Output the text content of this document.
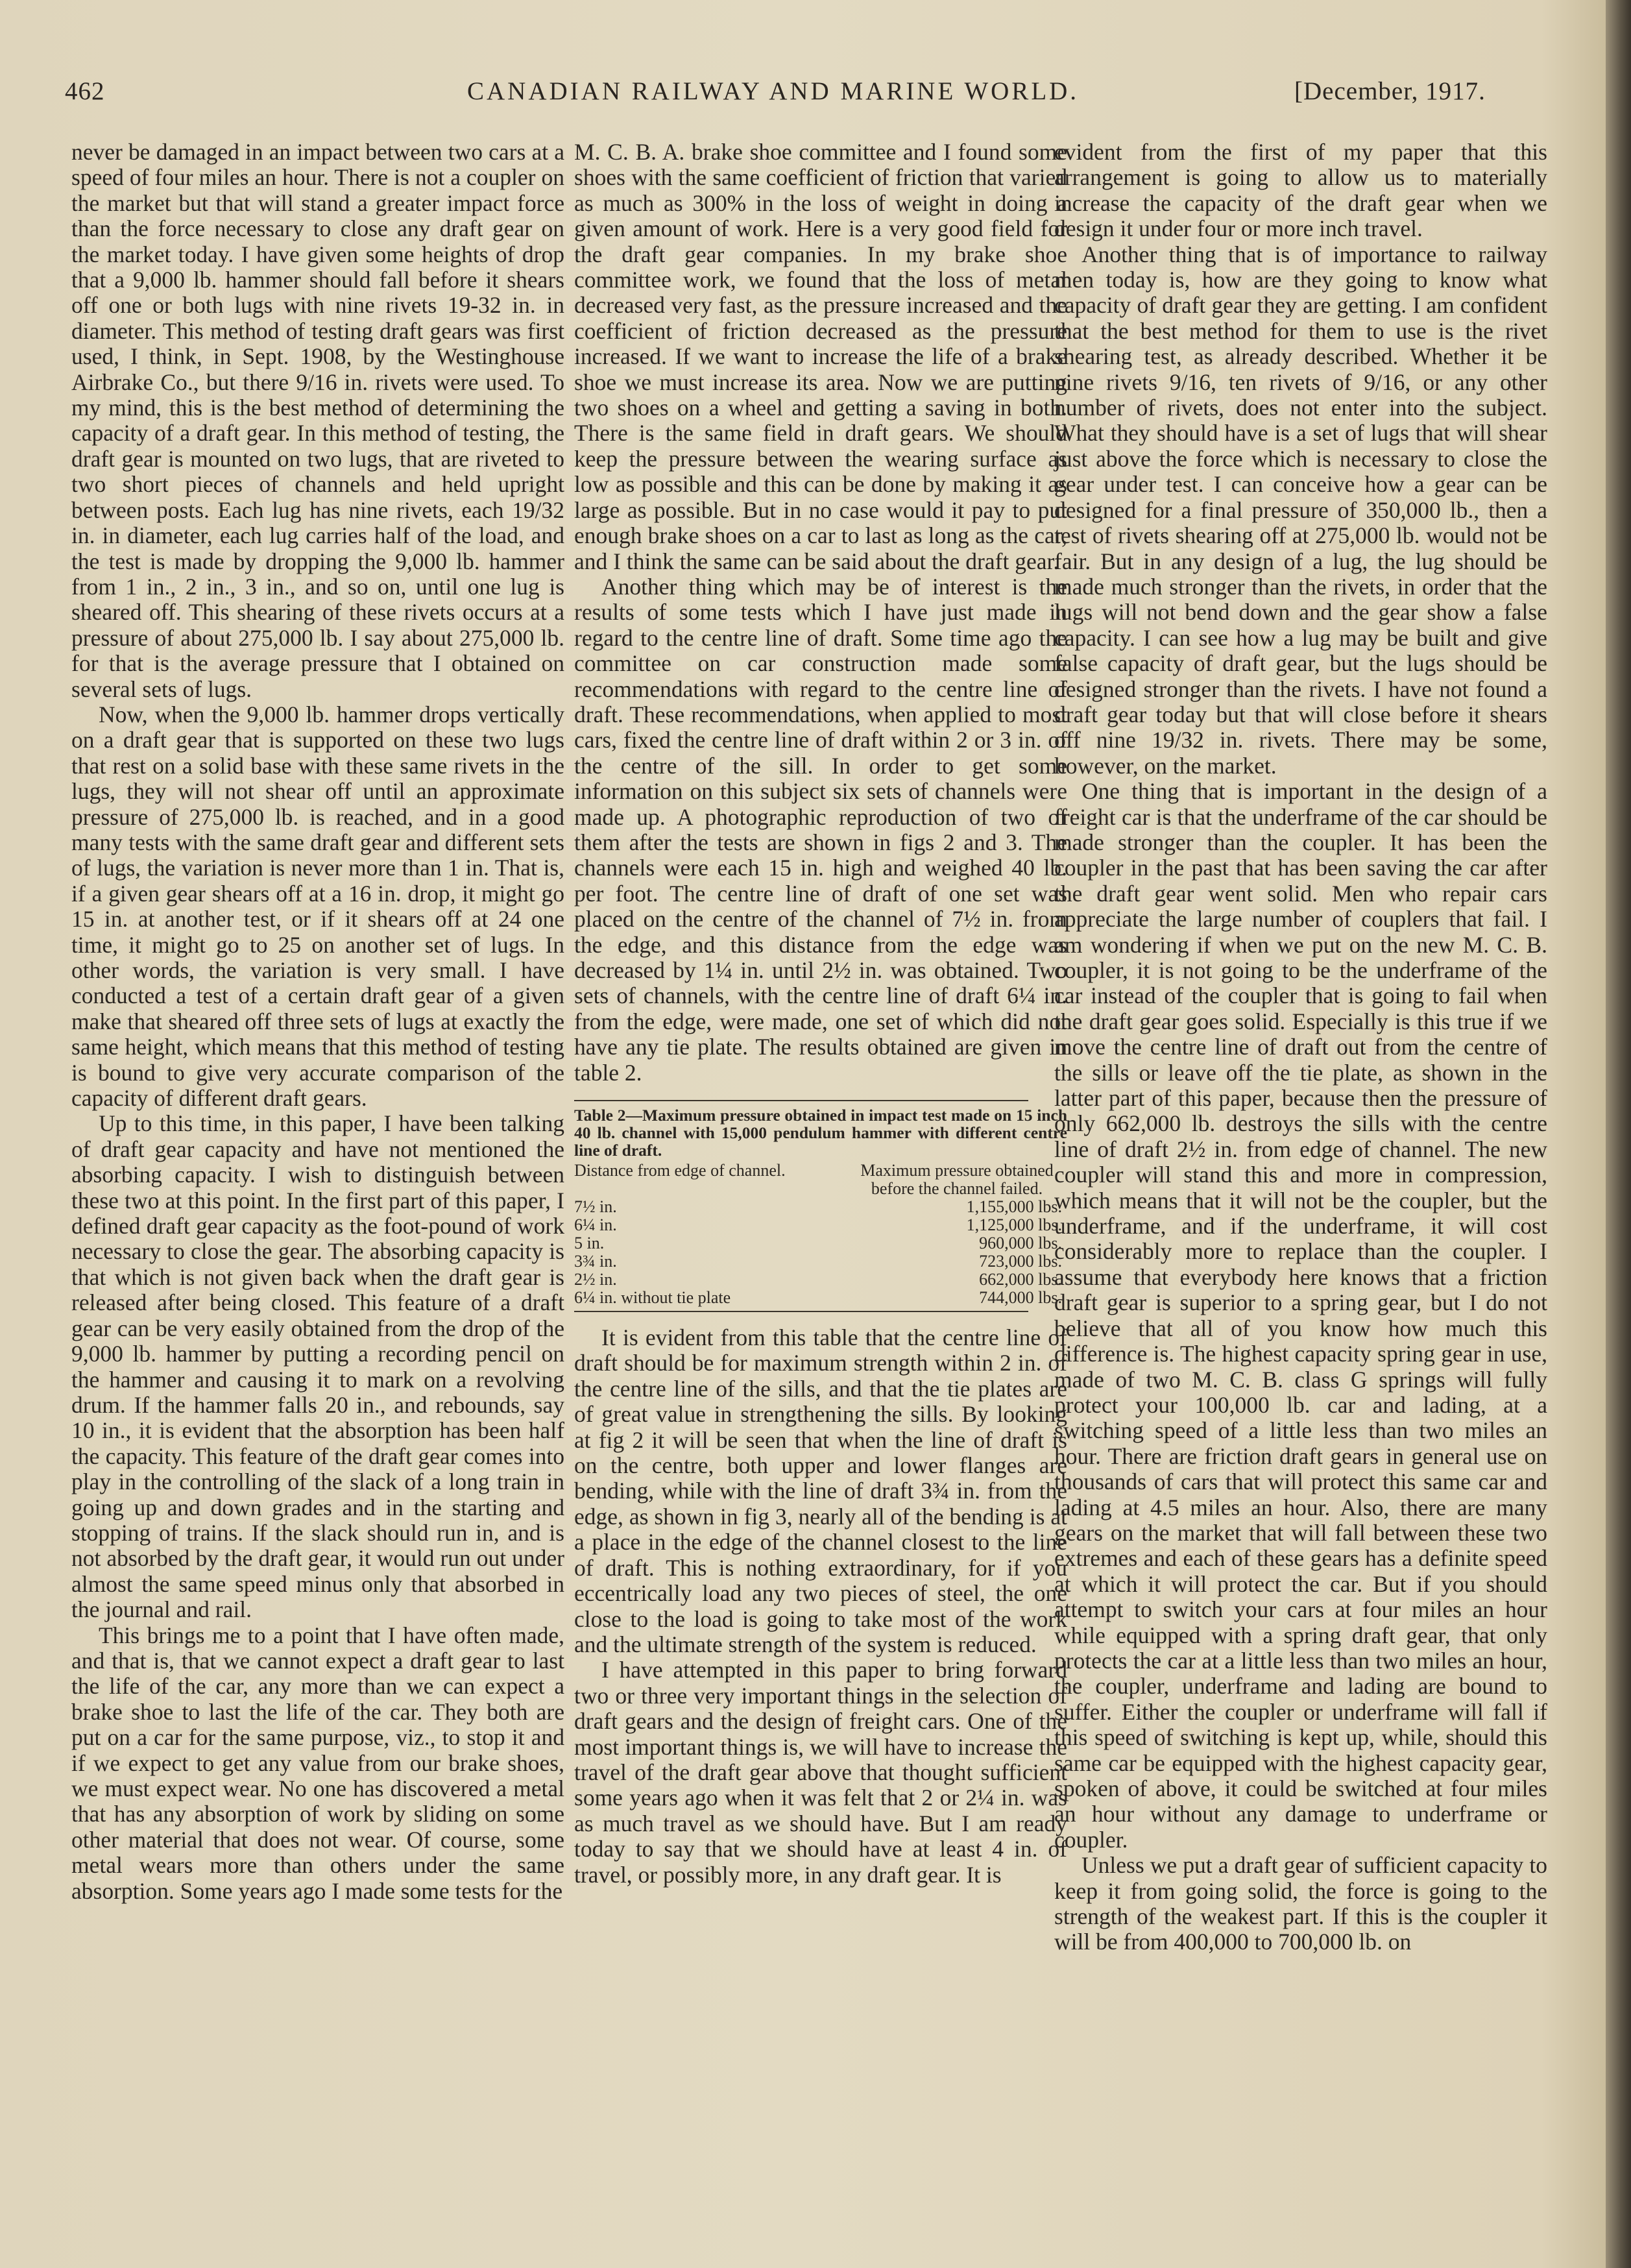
462	CANADIAN RAILWAY AND MARINE WORLD.	[December, 1917.

never be damaged in an impact between two cars at a speed of four miles an hour. There is not a coupler on the market but that will stand a greater impact force than the force necessary to close any draft gear on the market today. I have given some heights of drop that a 9,000 lb. hammer should fall before it shears off one or both lugs with nine rivets 19-32 in. in diameter. This method of testing draft gears was first used, I think, in Sept. 1908, by the Westinghouse Airbrake Co., but there 9/16 in. rivets were used. To my mind, this is the best method of determining the capacity of a draft gear. In this method of testing, the draft gear is mounted on two lugs, that are riveted to two short pieces of channels and held upright between posts. Each lug has nine rivets, each 19/32 in. in diameter, each lug carries half of the load, and the test is made by dropping the 9,000 lb. hammer from 1 in., 2 in., 3 in., and so on, until one lug is sheared off. This shearing of these rivets occurs at a pressure of about 275,000 lb. I say about 275,000 lb. for that is the average pressure that I obtained on several sets of lugs.

Now, when the 9,000 lb. hammer drops vertically on a draft gear that is supported on these two lugs that rest on a solid base with these same rivets in the lugs, they will not shear off until an approximate pressure of 275,000 lb. is reached, and in a good many tests with the same draft gear and different sets of lugs, the variation is never more than 1 in. That is, if a given gear shears off at a 16 in. drop, it might go 15 in. at another test, or if it shears off at 24 one time, it might go to 25 on another set of lugs. In other words, the variation is very small. I have conducted a test of a certain draft gear of a given make that sheared off three sets of lugs at exactly the same height, which means that this method of testing is bound to give very accurate comparison of the capacity of different draft gears.

Up to this time, in this paper, I have been talking of draft gear capacity and have not mentioned the absorbing capacity. I wish to distinguish between these two at this point. In the first part of this paper, I defined draft gear capacity as the foot-pound of work necessary to close the gear. The absorbing capacity is that which is not given back when the draft gear is released after being closed. This feature of a draft gear can be very easily obtained from the drop of the 9,000 lb. hammer by putting a recording pencil on the hammer and causing it to mark on a revolving drum. If the hammer falls 20 in., and rebounds, say 10 in., it is evident that the absorption has been half the capacity. This feature of the draft gear comes into play in the controlling of the slack of a long train in going up and down grades and in the starting and stopping of trains. If the slack should run in, and is not absorbed by the draft gear, it would run out under almost the same speed minus only that absorbed in the journal and rail.

This brings me to a point that I have often made, and that is, that we cannot expect a draft gear to last the life of the car, any more than we can expect a brake shoe to last the life of the car. They both are put on a car for the same purpose, viz., to stop it and if we expect to get any value from our brake shoes, we must expect wear. No one has discovered a metal that has any absorption of work by sliding on some other material that does not wear. Of course, some metal wears more than others under the same absorption. Some years ago I made some tests for the

M. C. B. A. brake shoe committee and I found some shoes with the same coefficient of friction that varied as much as 300% in the loss of weight in doing a given amount of work. Here is a very good field for the draft gear companies. In my brake shoe committee work, we found that the loss of metal decreased very fast, as the pressure increased and the coefficient of friction decreased as the pressure increased. If we want to increase the life of a brake shoe we must increase its area. Now we are putting two shoes on a wheel and getting a saving in both. There is the same field in draft gears. We should keep the pressure between the wearing surface as low as possible and this can be done by making it as large as possible. But in no case would it pay to put enough brake shoes on a car to last as long as the car, and I think the same can be said about the draft gear.

Another thing which may be of interest is the results of some tests which I have just made in regard to the centre line of draft. Some time ago the committee on car construction made some recommendations with regard to the centre line of draft. These recommendations, when applied to most cars, fixed the centre line of draft within 2 or 3 in. of the centre of the sill. In order to get some information on this subject six sets of channels were made up. A photographic reproduction of two of them after the tests are shown in figs 2 and 3. The channels were each 15 in. high and weighed 40 lb. per foot. The centre line of draft of one set was placed on the centre of the channel of 7½ in. from the edge, and this distance from the edge was decreased by 1¼ in. until 2½ in. was obtained. Two sets of channels, with the centre line of draft 6¼ in. from the edge, were made, one set of which did not have any tie plate. The results obtained are given in table 2.

Table 2—Maximum pressure obtained in impact test made on 15 inch 40 lb. channel with 15,000 pendulum hammer with different centre line of draft.
Distance from edge of channel.	Maximum pressure obtained before the channel failed.
7½ in.	1,155,000 lbs.
6¼ in.	1,125,000 lbs.
5 in.	960,000 lbs.
3¾ in.	723,000 lbs.
2½ in.	662,000 lbs.
6¼ in. without tie plate	744,000 lbs.

It is evident from this table that the centre line of draft should be for maximum strength within 2 in. of the centre line of the sills, and that the tie plates are of great value in strengthening the sills. By looking at fig 2 it will be seen that when the line of draft is on the centre, both upper and lower flanges are bending, while with the line of draft 3¾ in. from the edge, as shown in fig 3, nearly all of the bending is at a place in the edge of the channel closest to the line of draft. This is nothing extraordinary, for if you eccentrically load any two pieces of steel, the one close to the load is going to take most of the work and the ultimate strength of the system is reduced.

I have attempted in this paper to bring forward two or three very important things in the selection of draft gears and the design of freight cars. One of the most important things is, we will have to increase the travel of the draft gear above that thought sufficient some years ago when it was felt that 2 or 2¼ in. was as much travel as we should have. But I am ready today to say that we should have at least 4 in. of travel, or possibly more, in any draft gear. It is

evident from the first of my paper that this arrangement is going to allow us to materially increase the capacity of the draft gear when we design it under four or more inch travel.

Another thing that is of importance to railway men today is, how are they going to know what capacity of draft gear they are getting. I am confident that the best method for them to use is the rivet shearing test, as already described. Whether it be nine rivets 9/16, ten rivets of 9/16, or any other number of rivets, does not enter into the subject. What they should have is a set of lugs that will shear just above the force which is necessary to close the gear under test. I can conceive how a gear can be designed for a final pressure of 350,000 lb., then a test of rivets shearing off at 275,000 lb. would not be fair. But in any design of a lug, the lug should be made much stronger than the rivets, in order that the lugs will not bend down and the gear show a false capacity. I can see how a lug may be built and give false capacity of draft gear, but the lugs should be designed stronger than the rivets. I have not found a draft gear today but that will close before it shears off nine 19/32 in. rivets. There may be some, however, on the market.

One thing that is important in the design of a freight car is that the underframe of the car should be made stronger than the coupler. It has been the coupler in the past that has been saving the car after the draft gear went solid. Men who repair cars appreciate the large number of couplers that fail. I am wondering if when we put on the new M. C. B. coupler, it is not going to be the underframe of the car instead of the coupler that is going to fail when the draft gear goes solid. Especially is this true if we move the centre line of draft out from the centre of the sills or leave off the tie plate, as shown in the latter part of this paper, because then the pressure of only 662,000 lb. destroys the sills with the centre line of draft 2½ in. from edge of channel. The new coupler will stand this and more in compression, which means that it will not be the coupler, but the underframe, and if the underframe, it will cost considerably more to replace than the coupler. I assume that everybody here knows that a friction draft gear is superior to a spring gear, but I do not believe that all of you know how much this difference is. The highest capacity spring gear in use, made of two M. C. B. class G springs will fully protect your 100,000 lb. car and lading, at a switching speed of a little less than two miles an hour. There are friction draft gears in general use on thousands of cars that will protect this same car and lading at 4.5 miles an hour. Also, there are many gears on the market that will fall between these two extremes and each of these gears has a definite speed at which it will protect the car. But if you should attempt to switch your cars at four miles an hour while equipped with a spring draft gear, that only protects the car at a little less than two miles an hour, the coupler, underframe and lading are bound to suffer. Either the coupler or underframe will fall if this speed of switching is kept up, while, should this same car be equipped with the highest capacity gear, spoken of above, it could be switched at four miles an hour without any damage to underframe or coupler.

Unless we put a draft gear of sufficient capacity to keep it from going solid, the force is going to the strength of the weakest part. If this is the coupler it will be from 400,000 to 700,000 lb. on
